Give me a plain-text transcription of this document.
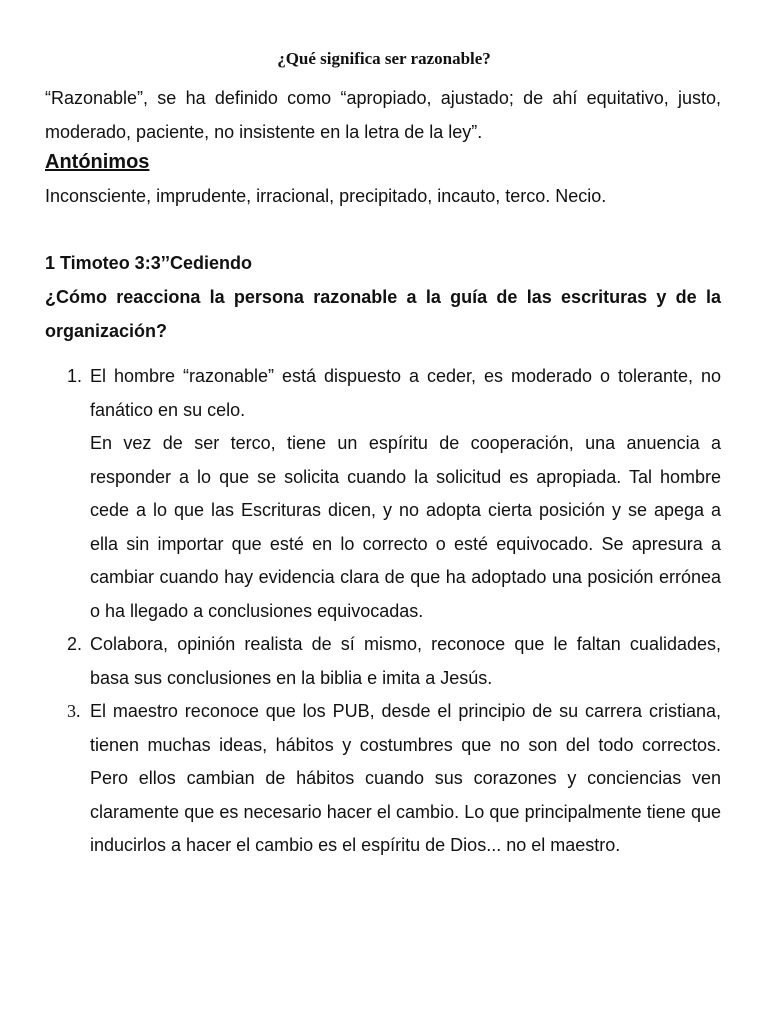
¿Qué significa ser razonable?

“Razonable”, se ha definido como “apropiado, ajustado; de ahí equitativo, justo, moderado, paciente, no insistente en la letra de la ley”.

Antónimos

Inconsciente, imprudente, irracional, precipitado, incauto, terco. Necio.

1 Timoteo 3:3’’Cediendo

¿Cómo reacciona la persona razonable a la guía de las escrituras y de la organización?

1. El hombre “razonable” está dispuesto a ceder, es moderado o tolerante, no fanático en su celo.
En vez de ser terco, tiene un espíritu de cooperación, una anuencia a responder a lo que se solicita cuando la solicitud es apropiada. Tal hombre cede a lo que las Escrituras dicen, y no adopta cierta posición y se apega a ella sin importar que esté en lo correcto o esté equivocado. Se apresura a cambiar cuando hay evidencia clara de que ha adoptado una posición errónea o ha llegado a conclusiones equivocadas.
2. Colabora, opinión realista de sí mismo, reconoce que le faltan cualidades, basa sus conclusiones en la biblia e imita a Jesús.
3. El maestro reconoce que los PUB, desde el principio de su carrera cristiana, tienen muchas ideas, hábitos y costumbres que no son del todo correctos. Pero ellos cambian de hábitos cuando sus corazones y conciencias ven claramente que es necesario hacer el cambio. Lo que principalmente tiene que inducirlos a hacer el cambio es el espíritu de Dios... no el maestro.
